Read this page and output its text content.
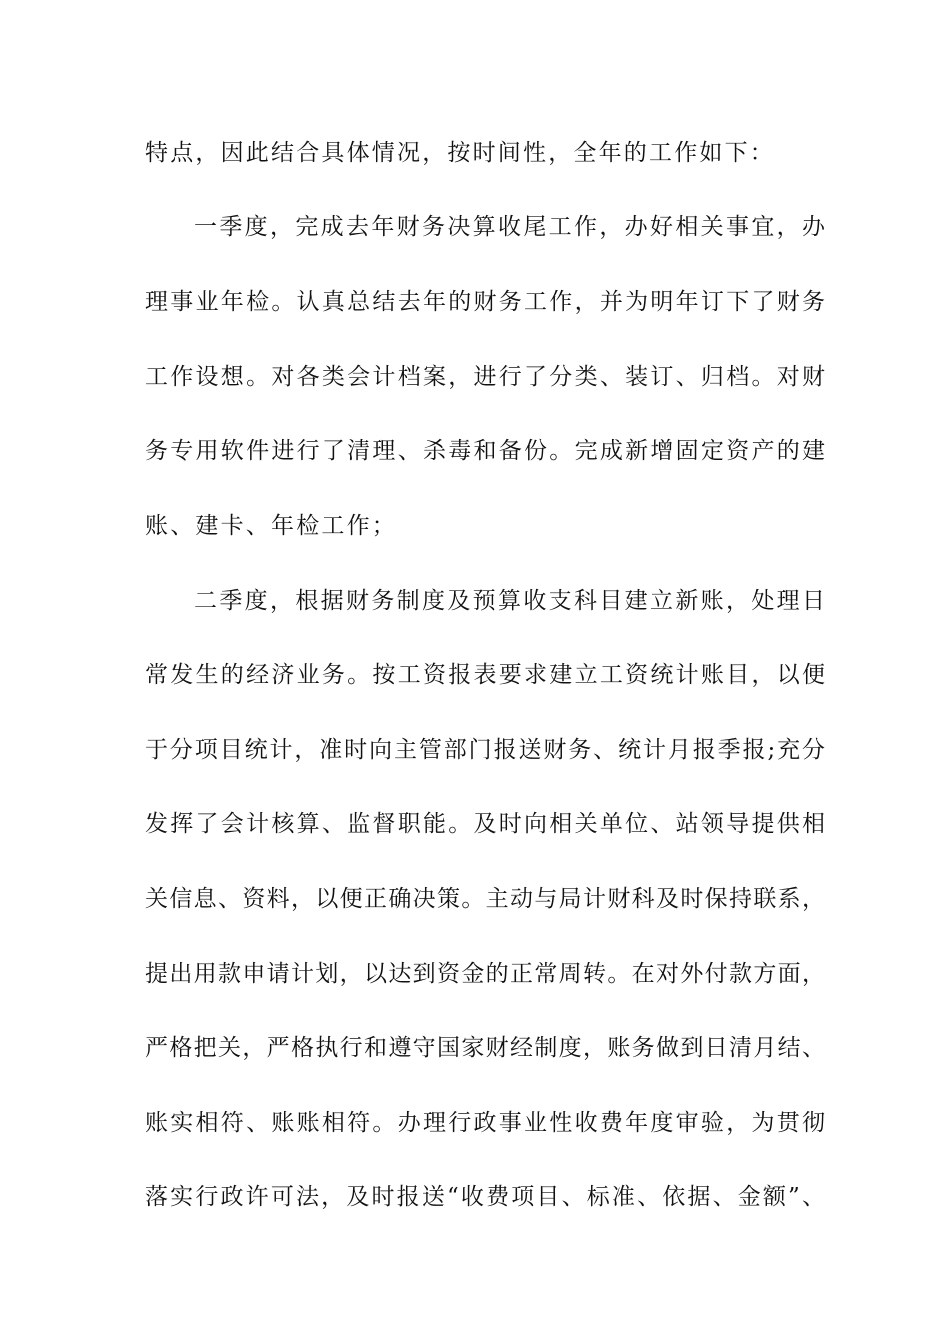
特点，因此结合具体情况，按时间性，全年的工作如下：
一季度，完成去年财务决算收尾工作，办好相关事宜，办
理事业年检。认真总结去年的财务工作，并为明年订下了财务
工作设想。对各类会计档案，进行了分类、装订、归档。对财
务专用软件进行了清理、杀毒和备份。完成新增固定资产的建
账、建卡、年检工作；
二季度，根据财务制度及预算收支科目建立新账，处理日
常发生的经济业务。按工资报表要求建立工资统计账目，以便
于分项目统计，准时向主管部门报送财务、统计月报季报;充分
发挥了会计核算、监督职能。及时向相关单位、站领导提供相
关信息、资料，以便正确决策。主动与局计财科及时保持联系，
提出用款申请计划，以达到资金的正常周转。在对外付款方面，
严格把关，严格执行和遵守国家财经制度，账务做到日清月结、
账实相符、账账相符。办理行政事业性收费年度审验，为贯彻
落实行政许可法，及时报送“收费项目、标准、依据、金额”、
